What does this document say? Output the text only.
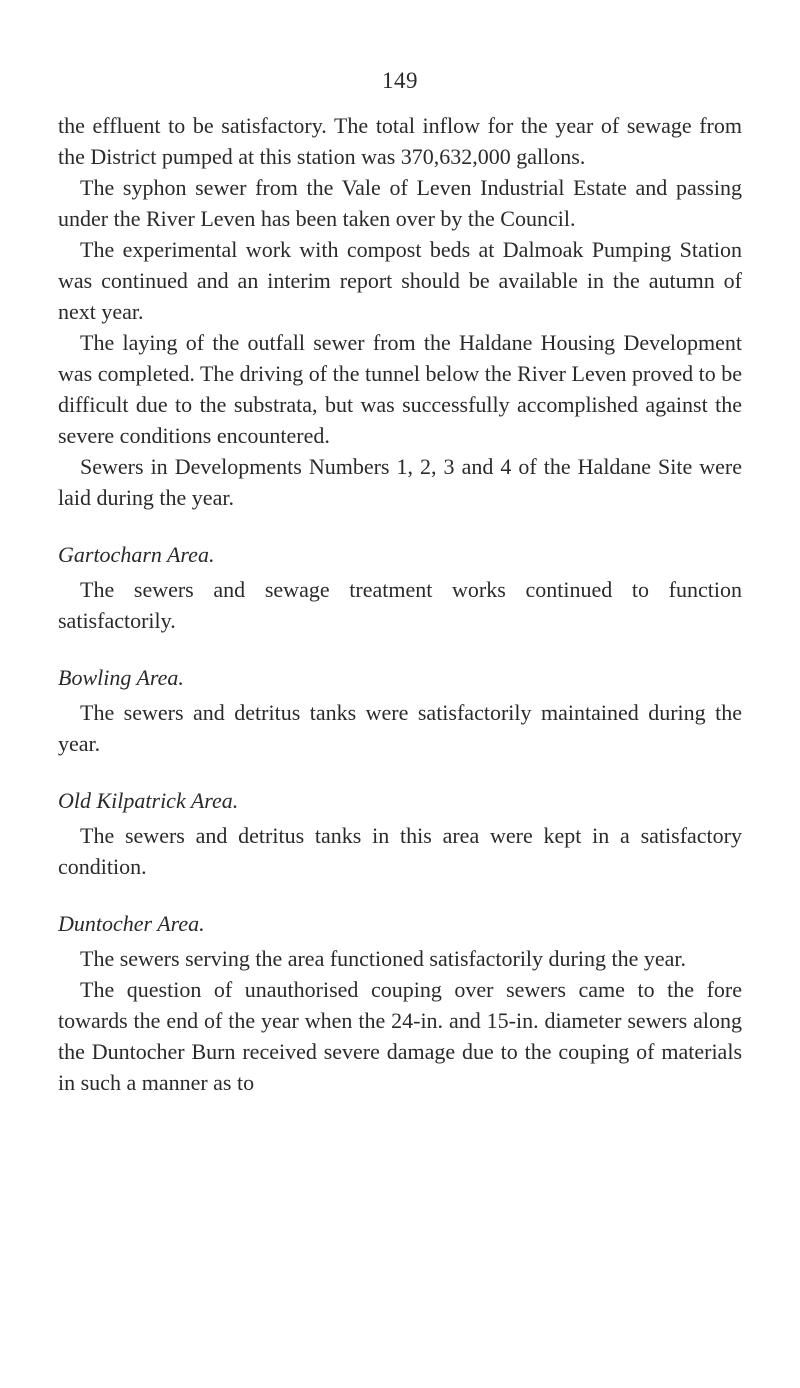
149

the effluent to be satisfactory. The total inflow for the year of sewage from the District pumped at this station was 370,632,000 gallons.

The syphon sewer from the Vale of Leven Industrial Estate and passing under the River Leven has been taken over by the Council.

The experimental work with compost beds at Dalmoak Pumping Station was continued and an interim report should be available in the autumn of next year.

The laying of the outfall sewer from the Haldane Housing Development was completed. The driving of the tunnel below the River Leven proved to be difficult due to the substrata, but was successfully accomplished against the severe conditions encountered.

Sewers in Developments Numbers 1, 2, 3 and 4 of the Haldane Site were laid during the year.

Gartocharn Area.

The sewers and sewage treatment works continued to function satisfactorily.

Bowling Area.

The sewers and detritus tanks were satisfactorily maintained during the year.

Old Kilpatrick Area.

The sewers and detritus tanks in this area were kept in a satisfactory condition.

Duntocher Area.

The sewers serving the area functioned satisfactorily during the year.

The question of unauthorised couping over sewers came to the fore towards the end of the year when the 24-in. and 15-in. diameter sewers along the Duntocher Burn received severe damage due to the couping of materials in such a manner as to
